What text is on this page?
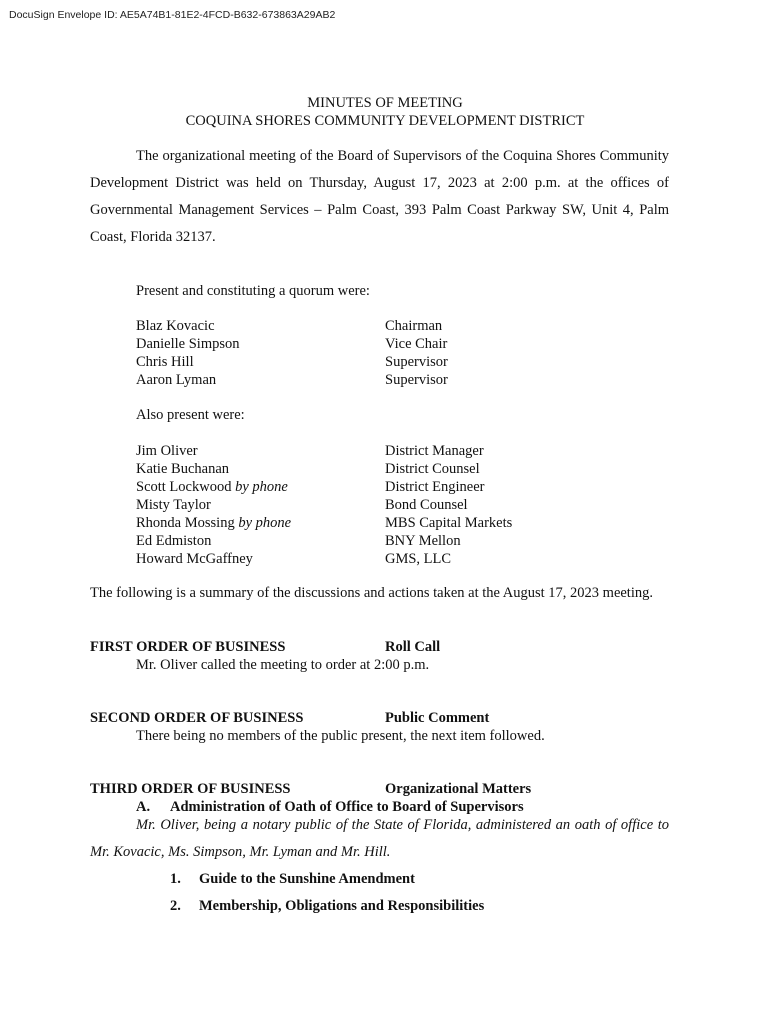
DocuSign Envelope ID: AE5A74B1-81E2-4FCD-B632-673863A29AB2
MINUTES OF MEETING
COQUINA SHORES COMMUNITY DEVELOPMENT DISTRICT
The organizational meeting of the Board of Supervisors of the Coquina Shores Community Development District was held on Thursday, August 17, 2023 at 2:00 p.m. at the offices of Governmental Management Services – Palm Coast, 393 Palm Coast Parkway SW, Unit 4, Palm Coast, Florida 32137.
Present and constituting a quorum were:
Blaz Kovacic	Chairman
Danielle Simpson	Vice Chair
Chris Hill	Supervisor
Aaron Lyman	Supervisor
Also present were:
Jim Oliver	District Manager
Katie Buchanan	District Counsel
Scott Lockwood by phone	District Engineer
Misty Taylor	Bond Counsel
Rhonda Mossing by phone	MBS Capital Markets
Ed Edmiston	BNY Mellon
Howard McGaffney	GMS, LLC
The following is a summary of the discussions and actions taken at the August 17, 2023 meeting.
FIRST ORDER OF BUSINESS	Roll Call
Mr. Oliver called the meeting to order at 2:00 p.m.
SECOND ORDER OF BUSINESS	Public Comment
There being no members of the public present, the next item followed.
THIRD ORDER OF BUSINESS	Organizational Matters
A. Administration of Oath of Office to Board of Supervisors
Mr. Oliver, being a notary public of the State of Florida, administered an oath of office to Mr. Kovacic, Ms. Simpson, Mr. Lyman and Mr. Hill.
1. Guide to the Sunshine Amendment
2. Membership, Obligations and Responsibilities
